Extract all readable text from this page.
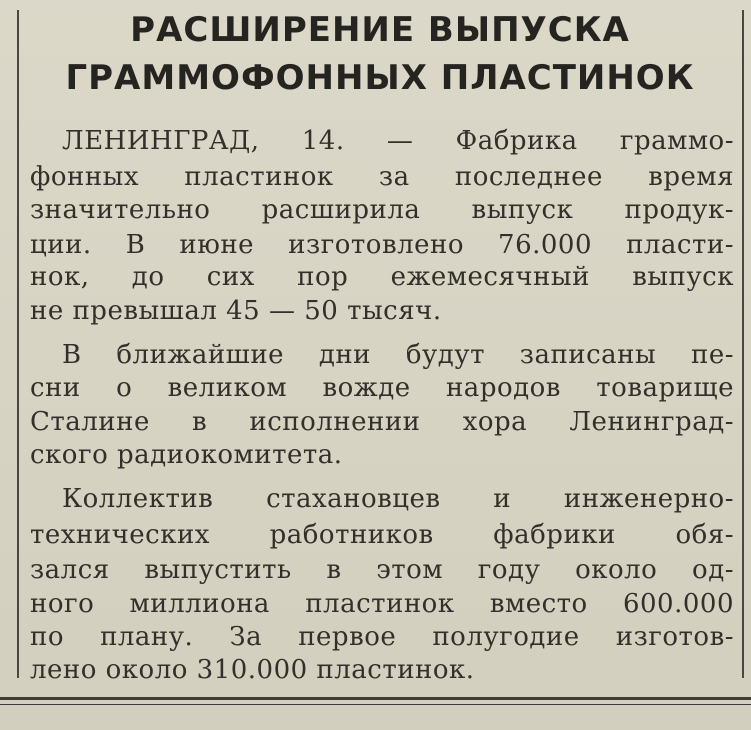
РАСШИРЕНИЕ ВЫПУСКА
ГРАММОФОННЫХ ПЛАСТИНОК
ЛЕНИНГРАД, 14. — Фабрика граммо-
фонных пластинок за последнее время
значительно расширила выпуск продук-
ции. В июне изготовлено 76.000 пласти-
нок, до сих пор ежемесячный выпуск
не превышал 45 — 50 тысяч.
В ближайшие дни будут записаны пе-
сни о великом вожде народов товарище
Сталине в исполнении хора Ленинград-
ского радиокомитета.
Коллектив стахановцев и инженерно-
технических работников фабрики обя-
зался выпустить в этом году около од-
ного миллиона пластинок вместо 600.000
по плану. За первое полугодие изготов-
лено около 310.000 пластинок.
